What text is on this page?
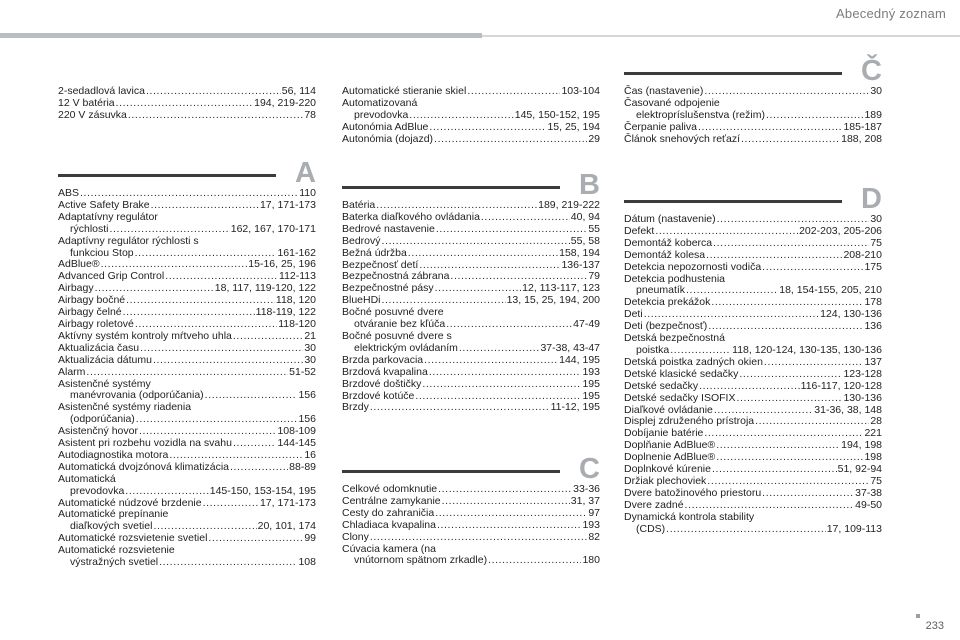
Abecedný zoznam
2-sedadlová lavica .....	56, 114
12 V batéria .....	194, 219-220
220 V zásuvka .....	78
A
ABS .....	110
Active Safety Brake .....	17, 171-173
Adaptatívny regulátor
rýchlosti .....	162, 167, 170-171
Adaptívny regulátor rýchlosti s
funkciou Stop .....	161-162
AdBlue® .....	15-16, 25, 196
Advanced Grip Control .....	112-113
Airbagy .....	18, 117, 119-120, 122
Airbagy bočné .....	118, 120
Airbagy čelné .....	118-119, 122
Airbagy roletové .....	118-120
Aktívny systém kontroly mŕtveho uhla .....	21
Aktualizácia času .....	30
Aktualizácia dátumu .....	30
Alarm .....	51-52
Asistenčné systémy
manévrovania (odporúčania) .....	156
Asistenčné systémy riadenia
(odporúčania) .....	156
Asistenčný hovor .....	108-109
Asistent pri rozbehu vozidla na svahu .....	144-145
Autodiagnostika motora .....	16
Automatická dvojzónová klimatizácia .....	88-89
Automatická
prevodovka .....	145-150, 153-154, 195
Automatické núdzové brzdenie .....	17, 171-173
Automatické prepínanie
diaľkových svetiel .....	20, 101, 174
Automatické rozsvietenie svetiel .....	99
Automatické rozsvietenie
výstražných svetiel .....	108
Automatické stieranie skiel .....	103-104
Automatizovaná
prevodovka .....	145, 150-152, 195
Autonómia AdBlue .....	15, 25, 194
Autonómia (dojazd) .....	29
B
Batéria .....	189, 219-222
Baterka diaľkového ovládania .....	40, 94
Bedrové nastavenie .....	55
Bedrový .....	55, 58
Bežná údržba .....	158, 194
Bezpečnosť detí .....	136-137
Bezpečnostná zábrana .....	79
Bezpečnostné pásy .....	12, 113-117, 123
BlueHDi .....	13, 15, 25, 194, 200
Bočné posuvné dvere
otváranie bez kľúča .....	47-49
Bočné posuvné dvere s
elektrickým ovládaním .....	37-38, 43-47
Brzda parkovacia .....	144, 195
Brzdová kvapalina .....	193
Brzdové doštičky .....	195
Brzdové kotúče .....	195
Brzdy .....	11-12, 195
C
Celkové odomknutie .....	33-36
Centrálne zamykanie .....	31, 37
Cesty do zahraničia .....	97
Chladiaca kvapalina .....	193
Clony .....	82
Cúvacia kamera (na
vnútornom spätnom zrkadle) .....	180
Č
Čas (nastavenie) .....	30
Časované odpojenie
elektropríslušenstva (režim) .....	189
Čerpanie paliva .....	185-187
Článok snehových reťazí .....	188, 208
D
Dátum (nastavenie) .....	30
Defekt .....	202-203, 205-206
Demontáž koberca .....	75
Demontáž kolesa .....	208-210
Detekcia nepozornosti vodiča .....	175
Detekcia podhustenia
pneumatík .....	18, 154-155, 205, 210
Detekcia prekážok .....	178
Deti .....	124, 130-136
Deti (bezpečnosť) .....	136
Detská bezpečnostná
poistka .....	118, 120-124, 130-135, 130-136
Detská poistka zadných okien .....	137
Detské klasické sedačky .....	123-128
Detské sedačky .....	116-117, 120-128
Detské sedačky ISOFIX .....	130-136
Diaľkové ovládanie .....	31-36, 38, 148
Displej združeného prístroja .....	28
Dobíjanie batérie .....	221
Doplňanie AdBlue® .....	194, 198
Doplnenie AdBlue® .....	198
Doplnkové kúrenie .....	51, 92-94
Držiak plechoviek .....	75
Dvere batožinového priestoru .....	37-38
Dvere zadné .....	49-50
Dynamická kontrola stability
(CDS) .....	17, 109-113
233
